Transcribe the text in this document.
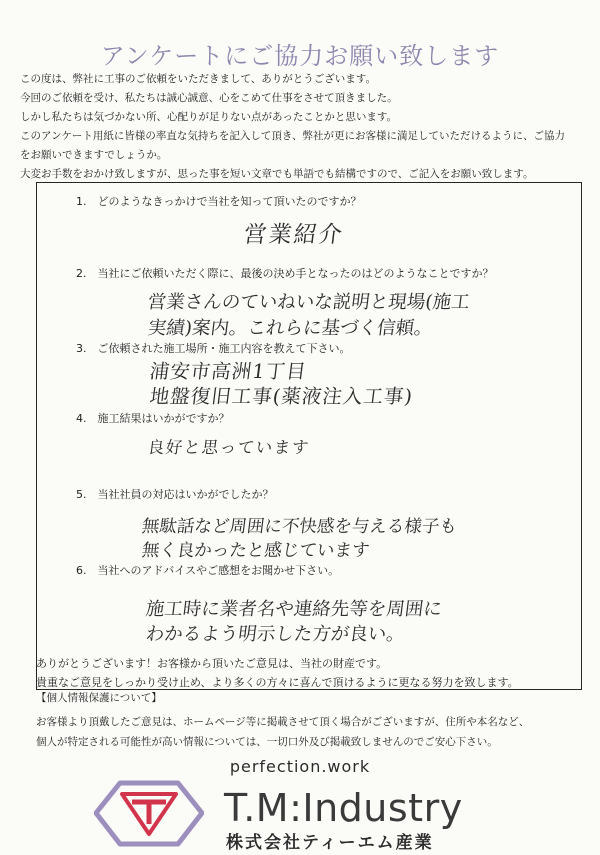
アンケートにご協力お願い致します
この度は、弊社に工事のご依頼をいただきまして、ありがとうございます。
今回のご依頼を受け、私たちは誠心誠意、心をこめて仕事をさせて頂きました。
しかし私たちは気づかない所、心配りが足りない点があったことかと思います。
このアンケート用紙に皆様の率直な気持ちを記入して頂き、弊社が更にお客様に満足していただけるように、ご協力
をお願いできますでしょうか。
大変お手数をおかけ致しますが、思った事を短い文章でも単語でも結構ですので、ご記入をお願い致します。
1.　どのようなきっかけで当社を知って頂いたのですか？
営業紹介
2.　当社にご依頼いただく際に、最後の決め手となったのはどのようなことですか？
営業さんのていねいな説明と現場(施工
実績)案内。これらに基づく信頼。
3.　ご依頼された施工場所・施工内容を教えて下さい。
浦安市高洲1丁目
地盤復旧工事(薬液注入工事)
4.　施工結果はいかがですか？
良好と思っています
5.　当社社員の対応はいかがでしたか？
無駄話など周囲に不快感を与える様子も
無く良かったと感じています
6.　当社へのアドバイスやご感想をお聞かせ下さい。
施工時に業者名や連絡先等を周囲に
わかるよう明示した方が良い。
ありがとうございます！お客様から頂いたご意見は、当社の財産です。
貴重なご意見をしっかり受け止め、より多くの方々に喜んで頂けるように更なる努力を致します。
【個人情報保護について】
お客様より頂戴したご意見は、ホームページ等に掲載させて頂く場合がございますが、住所や本名など、
個人が特定される可能性が高い情報については、一切口外及び掲載致しませんのでご安心下さい。
perfection.work
T.M:Industry
株式会社ティーエム産業
